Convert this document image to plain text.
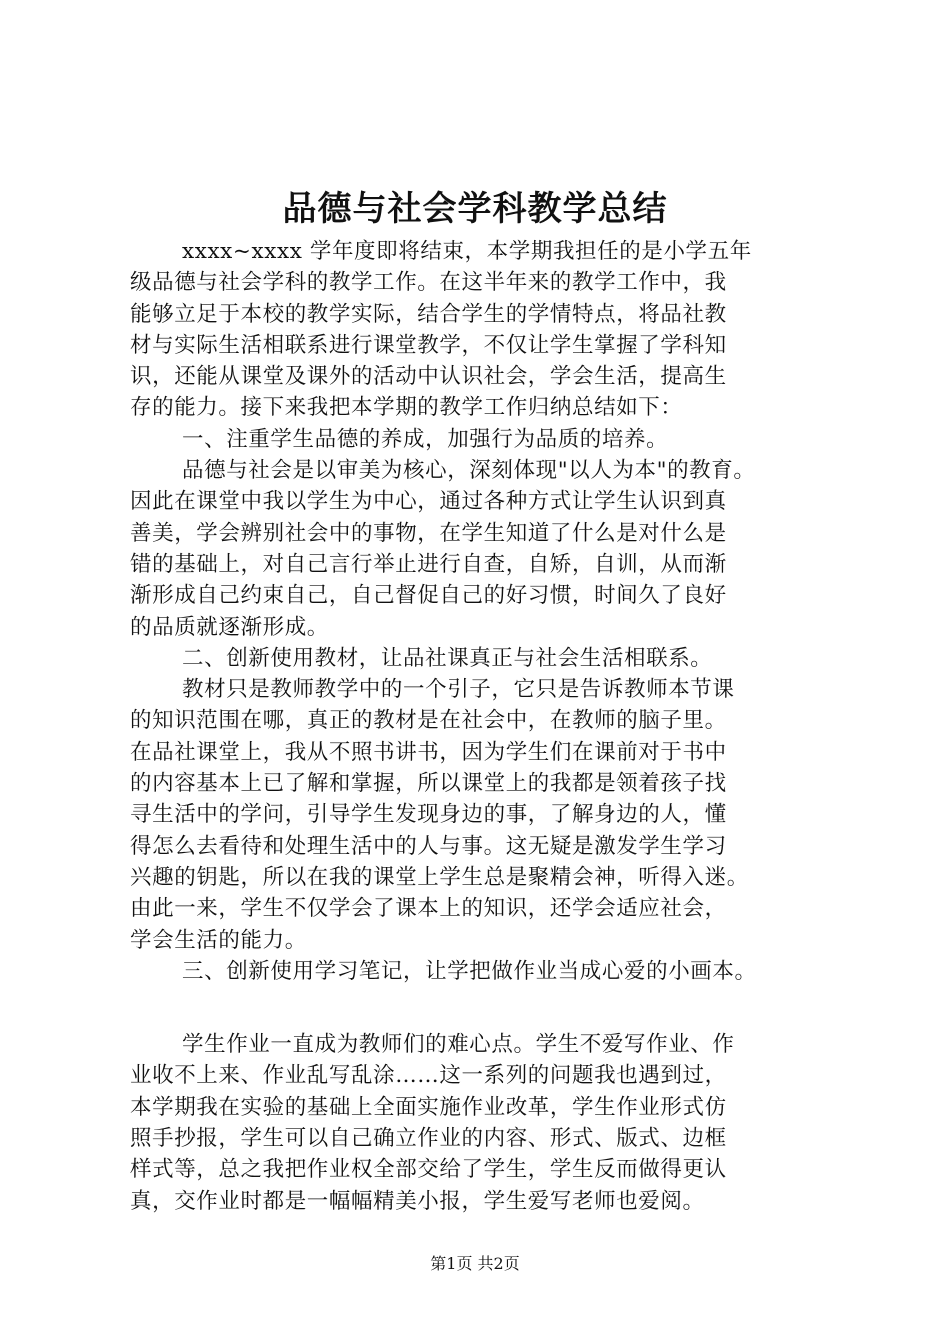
品德与社会学科教学总结
xxxx~xxxx 学年度即将结束，本学期我担任的是小学五年
级品德与社会学科的教学工作。在这半年来的教学工作中，我
能够立足于本校的教学实际，结合学生的学情特点，将品社教
材与实际生活相联系进行课堂教学，不仅让学生掌握了学科知
识，还能从课堂及课外的活动中认识社会，学会生活，提高生
存的能力。接下来我把本学期的教学工作归纳总结如下：
一、注重学生品德的养成，加强行为品质的培养。
品德与社会是以审美为核心，深刻体现"以人为本"的教育。
因此在课堂中我以学生为中心，通过各种方式让学生认识到真
善美，学会辨别社会中的事物，在学生知道了什么是对什么是
错的基础上，对自己言行举止进行自查，自矫，自训，从而渐
渐形成自己约束自己，自己督促自己的好习惯，时间久了良好
的品质就逐渐形成。
二、创新使用教材，让品社课真正与社会生活相联系。
教材只是教师教学中的一个引子，它只是告诉教师本节课
的知识范围在哪，真正的教材是在社会中，在教师的脑子里。
在品社课堂上，我从不照书讲书，因为学生们在课前对于书中
的内容基本上已了解和掌握，所以课堂上的我都是领着孩子找
寻生活中的学问，引导学生发现身边的事，了解身边的人，懂
得怎么去看待和处理生活中的人与事。这无疑是激发学生学习
兴趣的钥匙，所以在我的课堂上学生总是聚精会神，听得入迷。
由此一来，学生不仅学会了课本上的知识，还学会适应社会，
学会生活的能力。
三、创新使用学习笔记，让学把做作业当成心爱的小画本。
学生作业一直成为教师们的难心点。学生不爱写作业、作
业收不上来、作业乱写乱涂……这一系列的问题我也遇到过，
本学期我在实验的基础上全面实施作业改革，学生作业形式仿
照手抄报，学生可以自己确立作业的内容、形式、版式、边框
样式等，总之我把作业权全部交给了学生，学生反而做得更认
真，交作业时都是一幅幅精美小报，学生爱写老师也爱阅。
第1页 共2页
